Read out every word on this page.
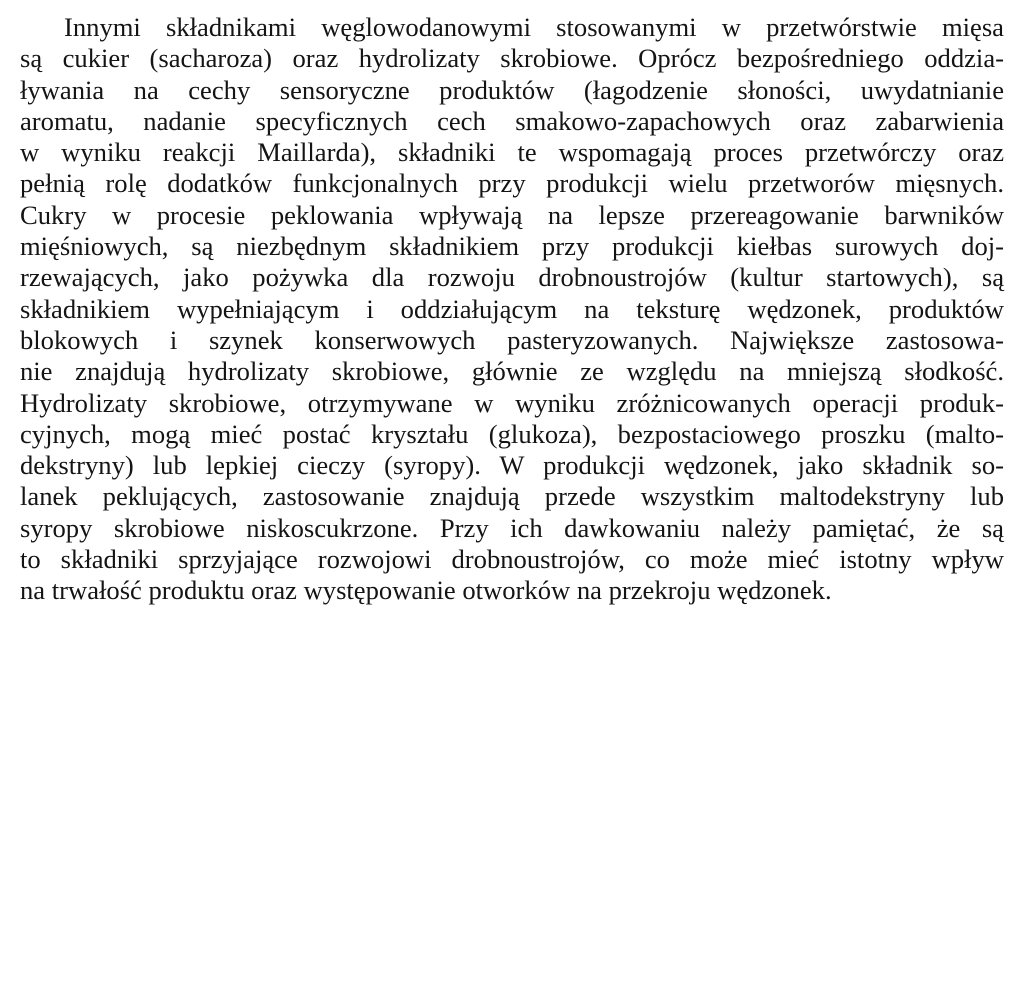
Innymi składnikami węglowodanowymi stosowanymi w przetwórstwie mięsa
są cukier (sacharoza) oraz hydrolizaty skrobiowe. Oprócz bezpośredniego oddzia-
ływania na cechy sensoryczne produktów (łagodzenie słoności, uwydatnianie
aromatu, nadanie specyficznych cech smakowo-zapachowych oraz zabarwienia
w wyniku reakcji Maillarda), składniki te wspomagają proces przetwórczy oraz
pełnią rolę dodatków funkcjonalnych przy produkcji wielu przetworów mięsnych.
Cukry w procesie peklowania wpływają na lepsze przereagowanie barwników
mięśniowych, są niezbędnym składnikiem przy produkcji kiełbas surowych doj-
rzewających, jako pożywka dla rozwoju drobnoustrojów (kultur startowych), są
składnikiem wypełniającym i oddziałującym na teksturę wędzonek, produktów
blokowych i szynek konserwowych pasteryzowanych. Największe zastosowa-
nie znajdują hydrolizaty skrobiowe, głównie ze względu na mniejszą słodkość.
Hydrolizaty skrobiowe, otrzymywane w wyniku zróżnicowanych operacji produk-
cyjnych, mogą mieć postać kryształu (glukoza), bezpostaciowego proszku (malto-
dekstryny) lub lepkiej cieczy (syropy). W produkcji wędzonek, jako składnik so-
lanek peklujących, zastosowanie znajdują przede wszystkim maltodekstryny lub
syropy skrobiowe niskoscukrzone. Przy ich dawkowaniu należy pamiętać, że są
to składniki sprzyjające rozwojowi drobnoustrojów, co może mieć istotny wpływ
na trwałość produktu oraz występowanie otworków na przekroju wędzonek.
